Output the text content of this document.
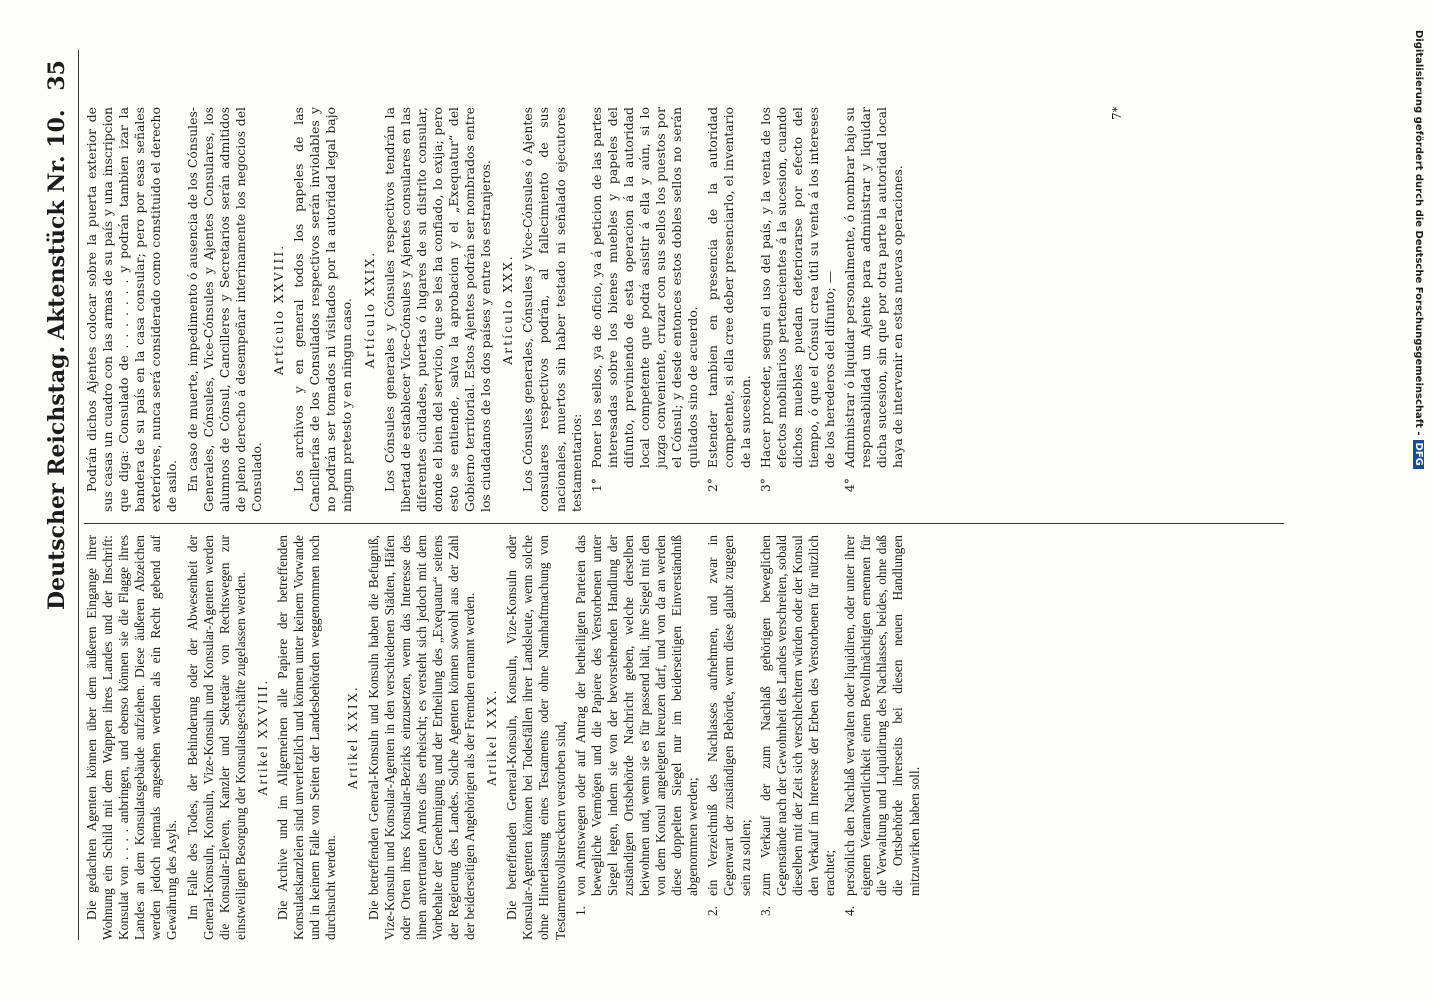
Deutscher Reichstag.
Aktenstück Nr. 10.
35

Die gedachten Agenten können über dem äußeren Eingange ihrer Wohnung ein Schild mit dem Wappen ihres Landes und der Inschrift: Konsulat von . . . . anbringen, und ebenso können sie die Flagge ihres Landes an dem Konsulatsgebäude aufziehen. Diese äußeren Abzeichen werden jedoch niemals angesehen werden als ein Recht gebend auf Gewährung des Asyls. Im Falle des Todes, der Behinderung oder der Abwesenheit der General-Konsuln, Konsuln, Vize-Konsuln und Konsular-Agenten werden die Konsular-Eleven, Kanzler und Sekretäre von Rechtswegen zur einstweiligen Besorgung der Konsulatsgeschäfte zugelassen werden. Artikel XXVIII. Die Archive und im Allgemeinen alle Papiere der betreffenden Konsulatskanzleien sind unverletzlich und können unter keinem Vorwande und in keinem Falle von Seiten der Landesbehörden weggenommen noch durchsucht werden.

Artikel XXIX. Die betreffenden General-Konsuln und Konsuln haben die Befugniß, Vize-Konsuln und Konsular-Agenten in den verschiedenen Städten, Häfen oder Orten ihres Konsular-Bezirks einzusetzen, wenn das Interesse des ihnen anvertrauten Amtes dies erheischt; es versteht sich jedoch mit dem Vorbehalte der Genehmigung und der Ertheilung des „Exequatur“ seitens der Regierung des Landes. Solche Agenten können sowohl aus der Zahl der beiderseitigen Angehörigen als der Fremden ernannt werden. Artikel XXX. Die betreffenden General-Konsuln, Konsuln, Vize-Konsuln oder Konsular-Agenten können bei Todesfällen ihrer Landsleute, wenn solche ohne Hinterlassung eines Testaments oder ohne Namhaftmachung von Testamentsvollstreckern verstorben sind, 1.
von Amtswegen oder auf Antrag der betheiligten Parteien das bewegliche Vermögen und die Papiere des Verstorbenen unter Siegel legen, indem sie von der bevorstehenden Handlung der zuständigen Ortsbehörde Nachricht geben, welche derselben beiwohnen und, wenn sie es für passend hält, ihre Siegel mit den von dem Konsul angelegten kreuzen darf, und von da an werden diese doppelten Siegel nur im beiderseitigen Einverständniß abgenommen werden;
2.
ein Verzeichniß des Nachlasses aufnehmen, und zwar in Gegenwart der zuständigen Behörde, wenn diese glaubt zugegen sein zu sollen;
3.
zum Verkauf der zum Nachlaß gehörigen beweglichen Gegenstände nach der Gewohnheit des Landes verschreiten, sobald dieselben mit der Zeit sich verschlechtern würden oder der Konsul den Verkauf im Interesse der Erben des Verstorbenen für nützlich erachtet;
4.
persönlich den Nachlaß verwalten oder liquidiren, oder unter ihrer eigenen Verantwortlichkeit einen Bevollmächtigten ernennen für die Verwaltung und Liquidirung des Nachlasses, beides, ohne daß die Ortsbehörde ihrerseits bei diesen neuen Handlungen mitzuwirken haben soll.

Podrán dichos Ajentes colocar sobre la puerta exterior de sus casas un cuadro con las armas de su país y una inscripcion que diga: Consulado de . . . . . . . y podrán tambien izar la bandera de su país en la casa consular; pero por esas señales exteriores, nunca será considerado como constituido el derecho de asilo. En caso de muerte, impedimento ó ausencia de los Cónsules-Generales, Cónsules, Vice-Cónsules y Ajentes Consulares, los alumnos de Cónsul, Cancilleres y Secretarios serán admitidos de pleno derecho á desempeñar interinamente los negocios del Consulado.

Artículo XXVIII. Los archivos y en general todos los papeles de las Cancillerías de los Consulados respectivos serán inviolables y no podrán ser tomados ni visitados por la autoridad legal bajo ningun pretesto y en ningun caso. Artículo XXIX. Los Cónsules generales y Cónsules respectivos tendrán la libertad de establecer Vice-Cónsules y Ajentes consulares en las diferentes ciudades, puertas ó lugares de su distrito consular, donde el bien del servicio, que se les ha confiado, lo exija; pero esto se entiende, salva la aprobacion y el „Exequatur“ del Gobierno territorial. Estos Ajentes podrán ser nombrados entre los ciudadanos de los dos países y entre los estranjeros. Artículo XXX. Los Cónsules generales, Cónsules y Vice-Cónsules ó Ajentes consulares respectivos podrán, al fallecimiento de sus nacionales, muertos sin haber testado ni señalado ejecutores testamentarios: 1°
Poner los sellos, ya de oficio, ya á peticion de las partes interesadas sobre los bienes muebles y papeles del difunto, previniendo de esta operacion á la autoridad local competente que podrá asistir á ella y aún, si lo juzga conveniente, cruzar con sus sellos los puestos por el Cónsul; y desde entonces estos dobles sellos no serán quitados sino de acuerdo.
2°
Estender tambien en presencia de la autoridad competente, si ella cree deber presenciarlo, el inventario de la sucesion.
3°
Hacer proceder, segun el uso del país, y la venta de los efectos mobiliarios pertenecientes á la sucesion, cuando dichos muebles puedan deteriorarse por efecto del tiempo, ó que el Cónsul crea útil su venta á los intereses de los herederos del difunto; —
4°
Administrar ó liquidar personalmente, ó nombrar bajo su responsabilidad un Ajente para administrar y liquidar dicha sucesion, sin que por otra parte la autoridad local haya de intervenir en estas nuevas operaciones.
7*	Digitalisierung gefördert durch die Deutsche Forschungsgemeinschaft -DFG
